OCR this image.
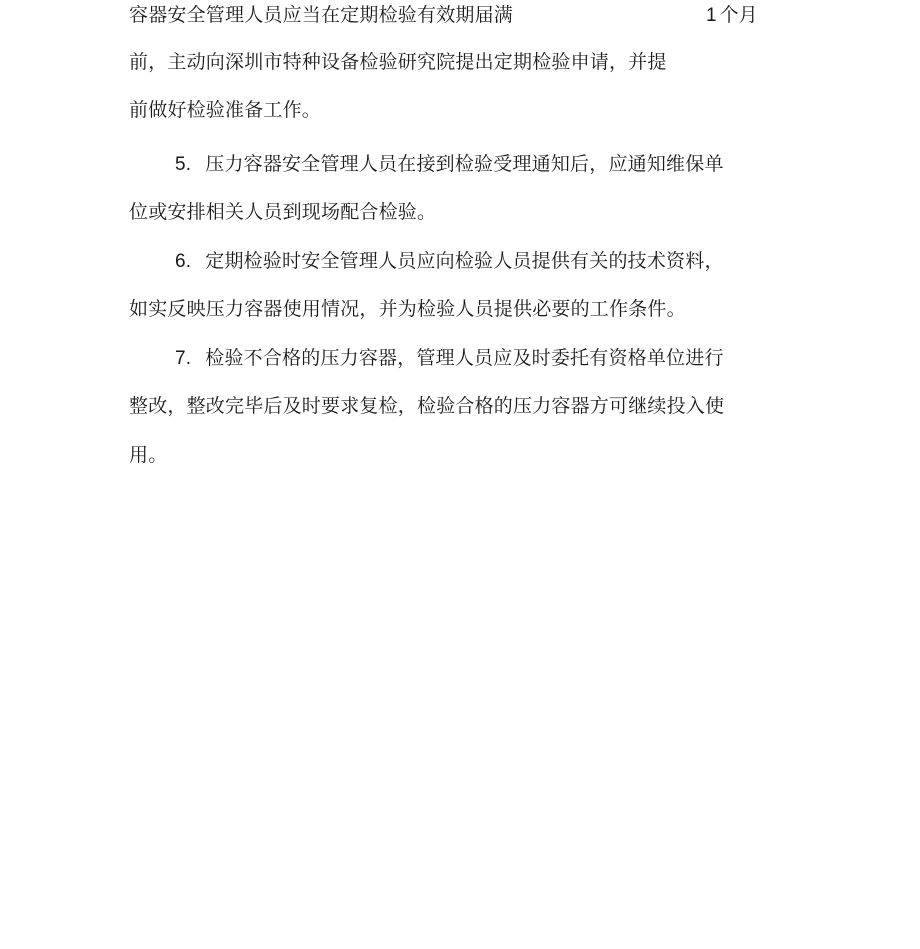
容器安全管理人员应当在定期检验有效期届满	1 个月
前，主动向深圳市特种设备检验研究院提出定期检验申请，并提
前做好检验准备工作。
5. 压力容器安全管理人员在接到检验受理通知后，应通知维保单
位或安排相关人员到现场配合检验。
6. 定期检验时安全管理人员应向检验人员提供有关的技术资料，
如实反映压力容器使用情况，并为检验人员提供必要的工作条件。
7. 检验不合格的压力容器，管理人员应及时委托有资格单位进行
整改，整改完毕后及时要求复检，检验合格的压力容器方可继续投入使
用。
